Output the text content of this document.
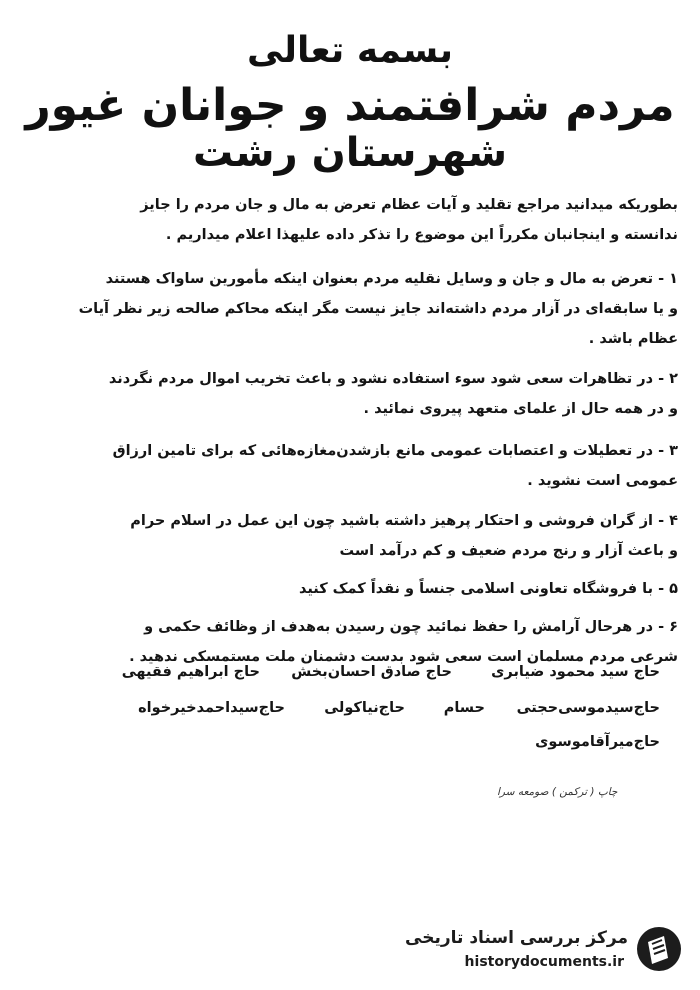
بسمه تعالی
مردم شرافتمند و جوانان غیور
شهرستان رشت
بطوریکه میدانید مراجع تقلید و آیات عظام تعرض به مال و جان مردم را جایز
ندانسته و اینجانبان مکرراً این موضوع را تذکر داده علیهذا اعلام میداریم .
۱ - تعرض به مال و جان و وسایل نقلیه مردم بعنوان اینکه مأمورین ساواک هستند
و یا سابقه‌ای در آزار مردم داشته‌اند جایز نیست مگر اینکه محاکم صالحه زیر نظر آیات
عظام باشد .
۲ - در تظاهرات سعی شود سوء استفاده نشود و باعث تخریب اموال مردم نگردند
و در همه حال از علمای متعهد پیروی نمائید .
۳ - در تعطیلات و اعتصابات عمومی مانع بازشدن‌مغازه‌هائی که برای تامین ارزاق
عمومی است نشوید .
۴ - از گران فروشی و احتکار پرهیز داشته باشید چون این عمل در اسلام حرام
و باعث آزار و رنج مردم ضعیف و کم درآمد است
۵ - با فروشگاه تعاونی اسلامی جنساً و نقداً کمک کنید
۶ - در هرحال آرامش را حفظ نمائید چون رسیدن به‌هدف از وظائف حکمی و
شرعی مردم مسلمان است سعی شود بدست دشمنان ملت مستمسکی ندهید .
حاج سید محمود ضیابری
حاج صادق احسان‌بخش
حاج ابراهیم فقیهی
حاج‌سیدموسی‌حجتی
حسام
حاج‌نیاکولی
حاج‌سیداحمدخیرخواه
حاج‌میرآقاموسوی
چاپ ( ترکمن ) صومعه سرا
مرکز بررسی اسناد تاریخی
historydocuments.ir
